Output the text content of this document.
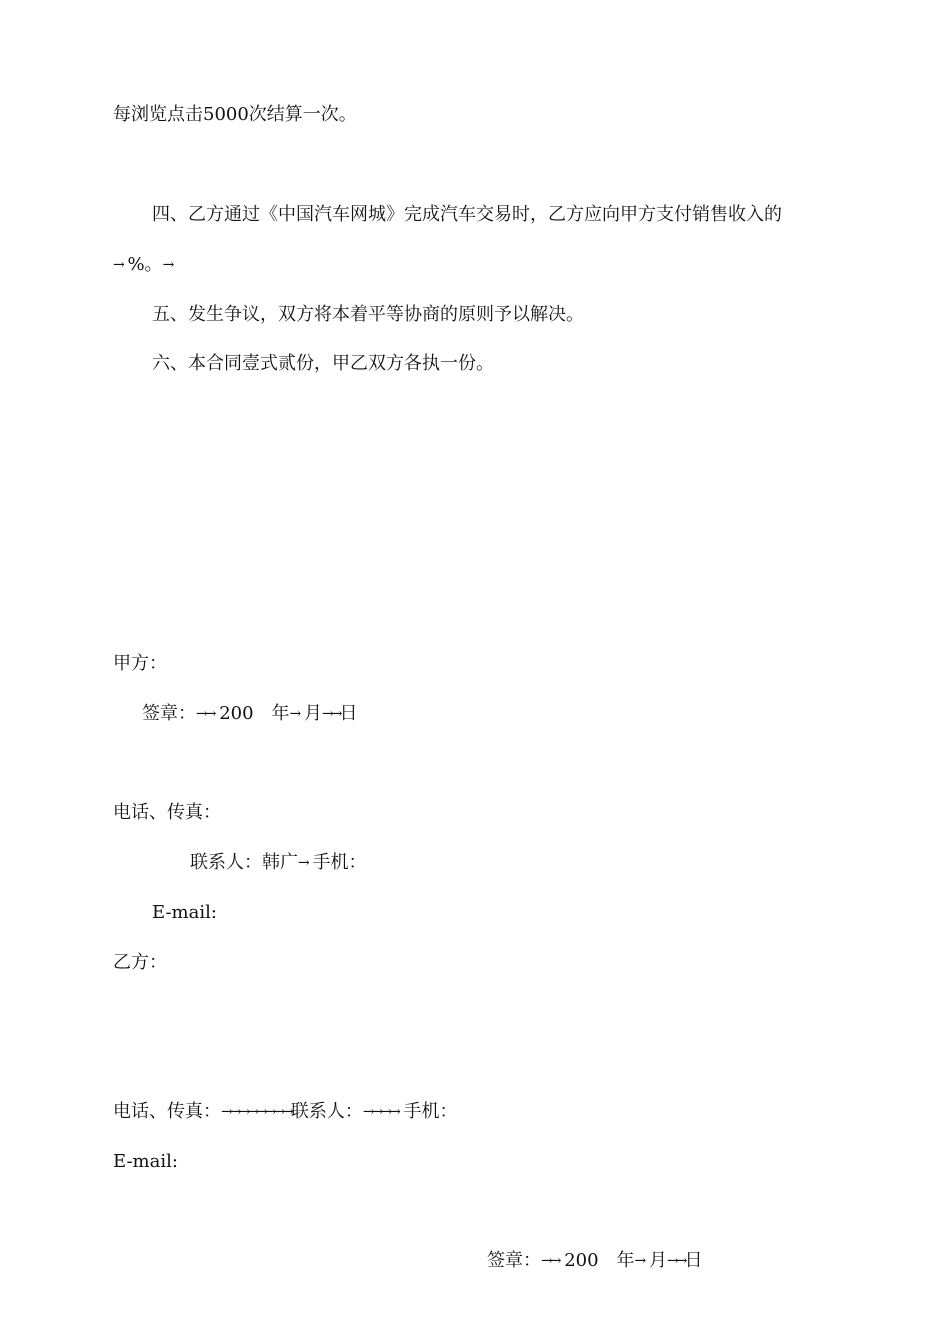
每浏览点击5000次结算一次。
四、乙方通过《中国汽车网城》完成汽车交易时，乙方应向甲方支付销售收入的
→ %。→
五、发生争议，双方将本着平等协商的原则予以解决。
六、本合同壹式贰份，甲乙双方各执一份。
甲方：
签章：→→ 200　年→ 月→→日
电话、传真：
联系人：韩广→ 手机：
E-mail:
乙方：
电话、传真：→→→→→→→→联系人：→→→→ 手机：
E-mail:
签章：→→ 200　年→ 月→→日
